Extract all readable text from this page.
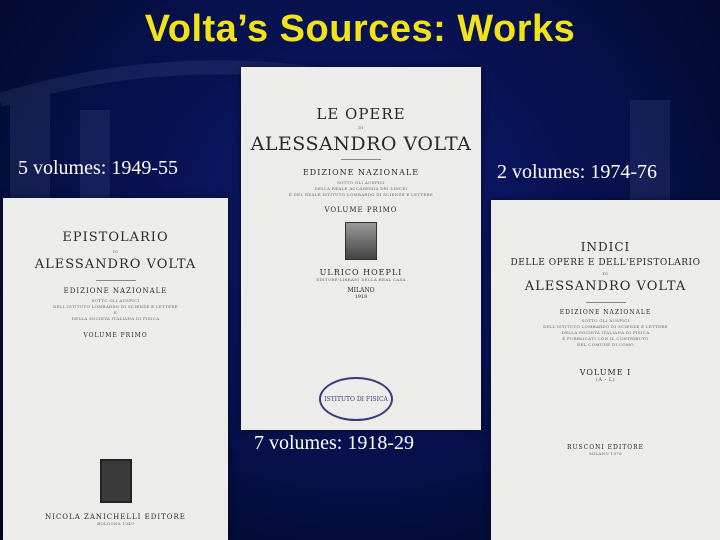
Volta’s Sources: Works
LE OPERE
DI
ALESSANDRO VOLTA
EDIZIONE NAZIONALE
SOTTO GLI AUSPICI
DELLA REALE ACCADEMIA DEI LINCEI
E DEL REALE ISTITUTO LOMBARDO DI SCIENZE E LETTERE
VOLUME PRIMO
ULRICO HOEPLI
EDITORE-LIBRAIO DELLA REAL CASA
MILANO
1918
ISTITUTO DI FISICA
EPISTOLARIO
DI
ALESSANDRO VOLTA
EDIZIONE NAZIONALE
SOTTO GLI AUSPICI
DELL'ISTITUTO LOMBARDO DI SCIENZE E LETTERE
E
DELLA SOCIETÀ ITALIANA DI FISICA
VOLUME PRIMO
NICOLA ZANICHELLI EDITORE
BOLOGNA 1949
INDICI
DELLE OPERE E DELL'EPISTOLARIO
DI
ALESSANDRO VOLTA
EDIZIONE NAZIONALE
SOTTO GLI AUSPICI
DELL'ISTITUTO LOMBARDO DI SCIENZE E LETTERE
DELLA SOCIETÀ ITALIANA DI FISICA
E PUBBLICATI CON IL CONTRIBUTO
DEL COMUNE DI COMO
VOLUME I
(A - L)
RUSCONI EDITORE
MILANO 1976
5 volumes: 1949-55	2 volumes: 1974-76
7 volumes: 1918-29
